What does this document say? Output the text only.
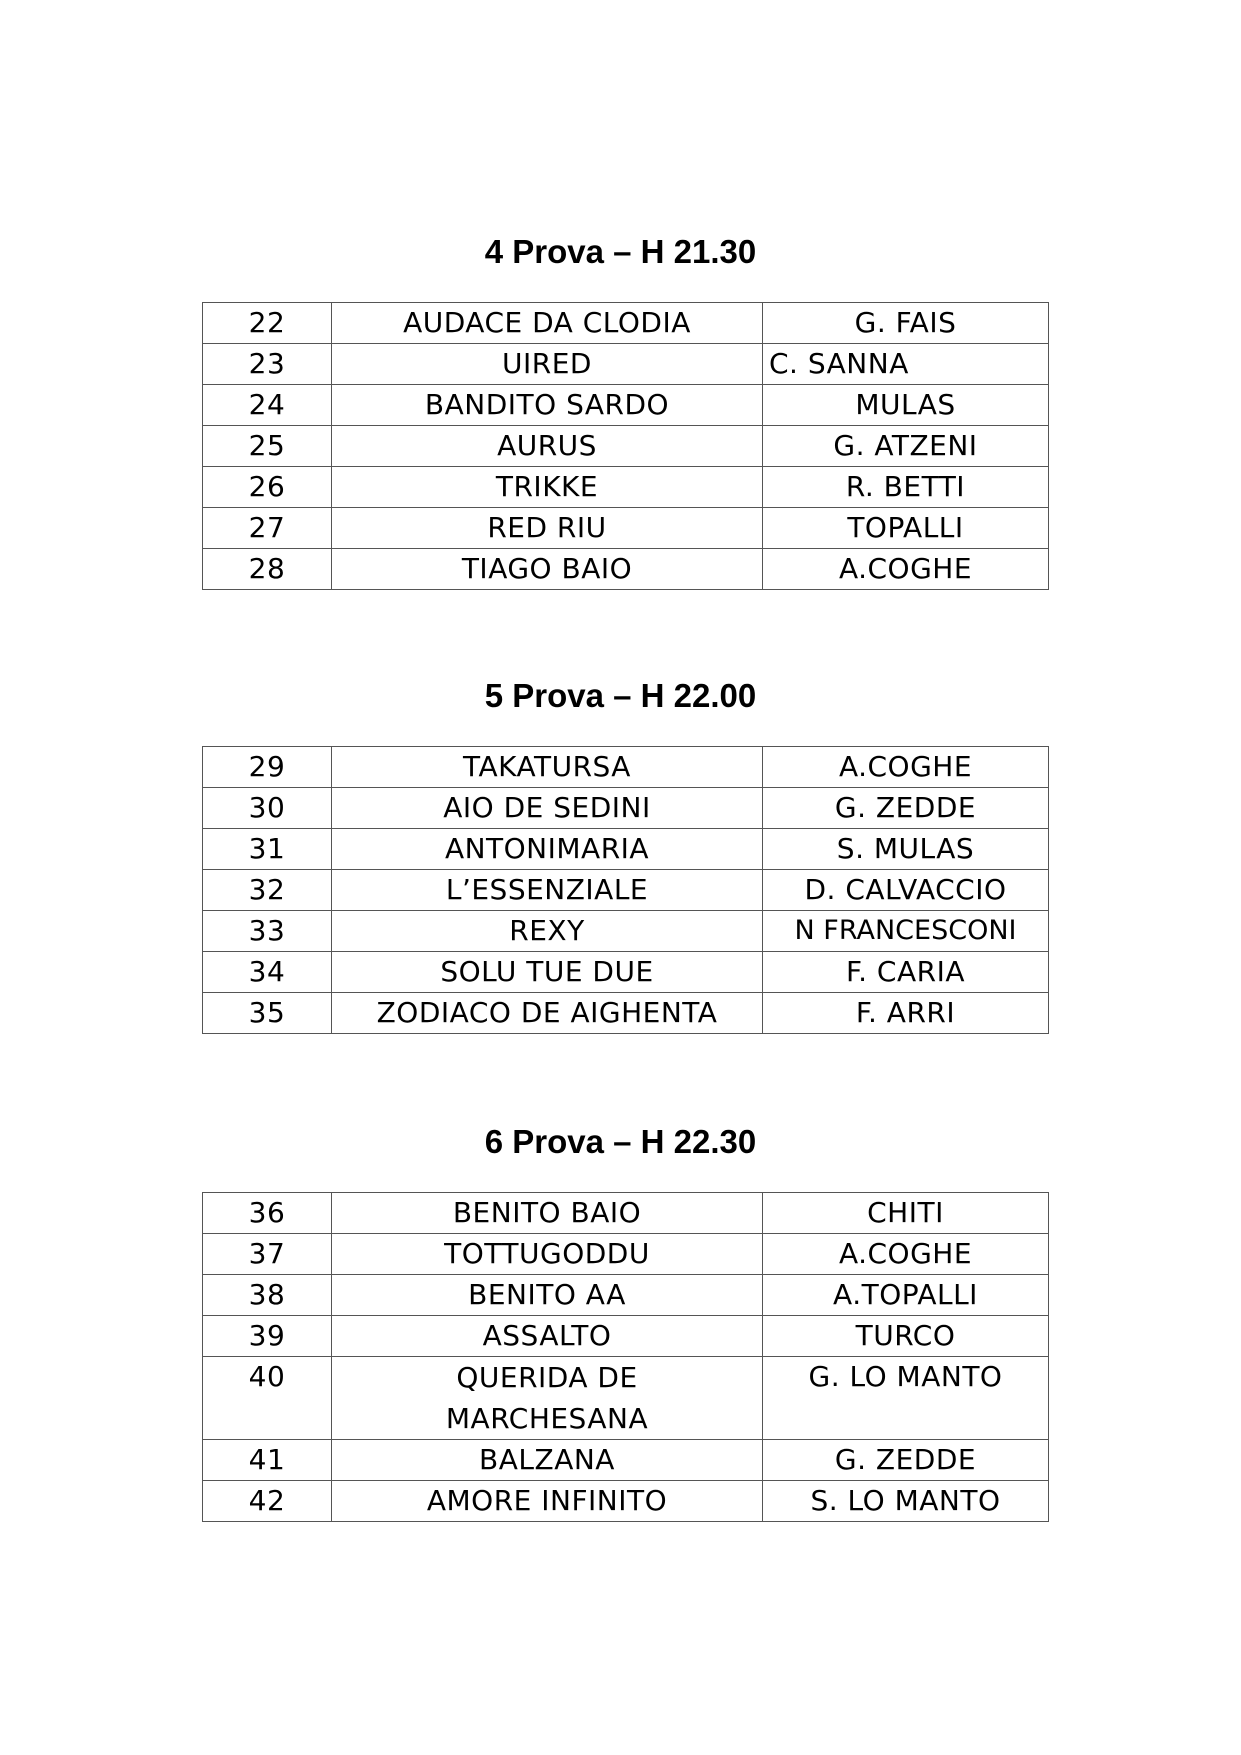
4 Prova – H 21.30
22	AUDACE DA CLODIA	G. FAIS
23	UIRED	C. SANNA
24	BANDITO SARDO	MULAS
25	AURUS	G. ATZENI
26	TRIKKE	R. BETTI
27	RED RIU	TOPALLI
28	TIAGO BAIO	A.COGHE
5 Prova – H 22.00
29	TAKATURSA	A.COGHE
30	AIO DE SEDINI	G. ZEDDE
31	ANTONIMARIA	S. MULAS
32	L’ESSENZIALE	D. CALVACCIO
33	REXY	N FRANCESCONI
34	SOLU TUE DUE	F. CARIA
35	ZODIACO DE AIGHENTA	F. ARRI
6 Prova – H 22.30
36	BENITO BAIO	CHITI
37	TOTTUGODDU	A.COGHE
38	BENITO AA	A.TOPALLI
39	ASSALTO	TURCO
40	QUERIDA DE MARCHESANA	G. LO MANTO
41	BALZANA	G. ZEDDE
42	AMORE INFINITO	S. LO MANTO
